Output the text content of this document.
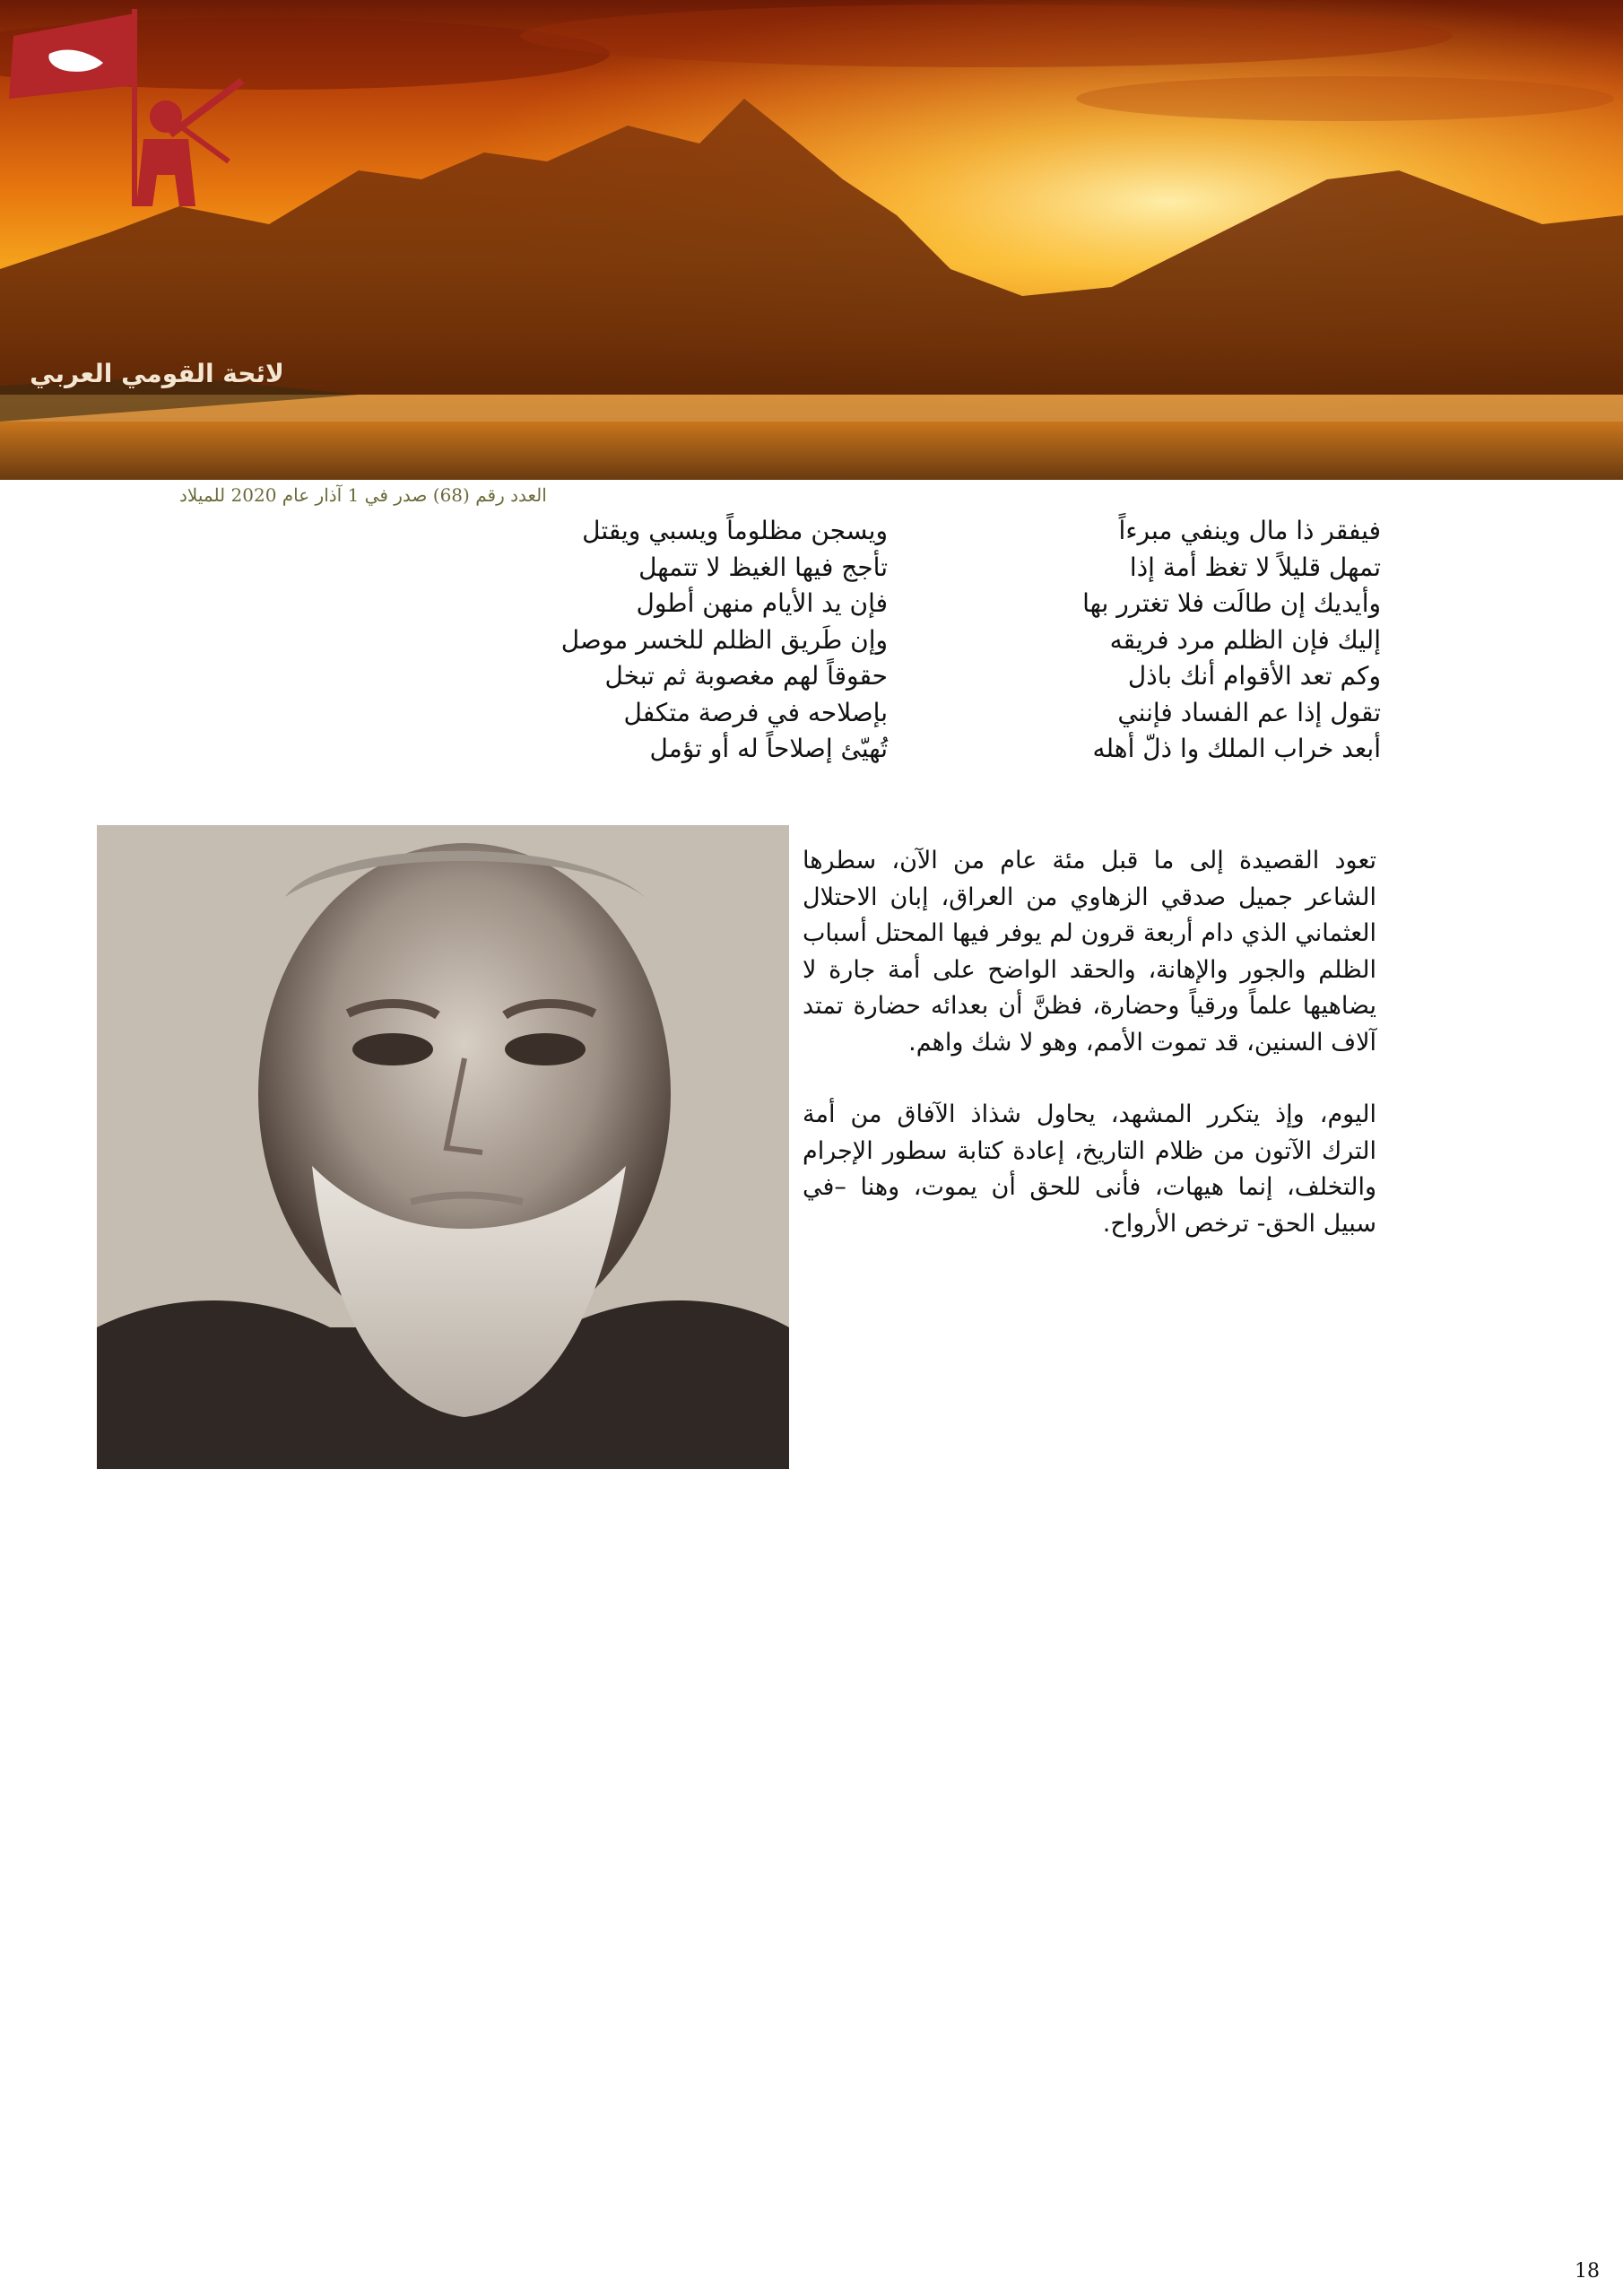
لائحة القومي العربي
العدد رقم (68) صدر في 1 آذار عام 2020 للميلاد
فيفقر ذا مال وينفي مبرءاً
تمهل قليلاً لا تغظ أمة إذا
وأيديك إن طالَت فلا تغترر بها
إليك فإن الظلم مرد فريقه
وكم تعد الأقوام أنك باذل
تقول إذا عم الفساد فإنني
أبعد خراب الملك وا ذلّ أهله
ويسجن مظلوماً ويسبي ويقتل
تأجج فيها الغيظ لا تتمهل
فإن يد الأيام منهن أطول
وإن طَريق الظلم للخسر موصل
حقوقاً لهم مغصوبة ثم تبخل
بإصلاحه في فرصة متكفل
تُهيّئ إصلاحاً له أو تؤمل

تعود القصيدة إلى ما قبل مئة عام من الآن، سطرها الشاعر جميل صدقي الزهاوي من العراق، إبان الاحتلال العثماني الذي دام أربعة قرون لم يوفر فيها المحتل أسباب الظلم والجور والإهانة، والحقد الواضح على أمة جارة لا يضاهيها علماً ورقياً وحضارة، فظنَّ أن بعدائه حضارة تمتد آلاف السنين، قد تموت الأمم، وهو لا شك واهم.

اليوم، وإذ يتكرر المشهد، يحاول شذاذ الآفاق من أمة الترك الآتون من ظلام التاريخ، إعادة كتابة سطور الإجرام والتخلف، إنما هيهات، فأنى للحق أن يموت، وهنا –في سبيل الحق- ترخص الأرواح.

18
